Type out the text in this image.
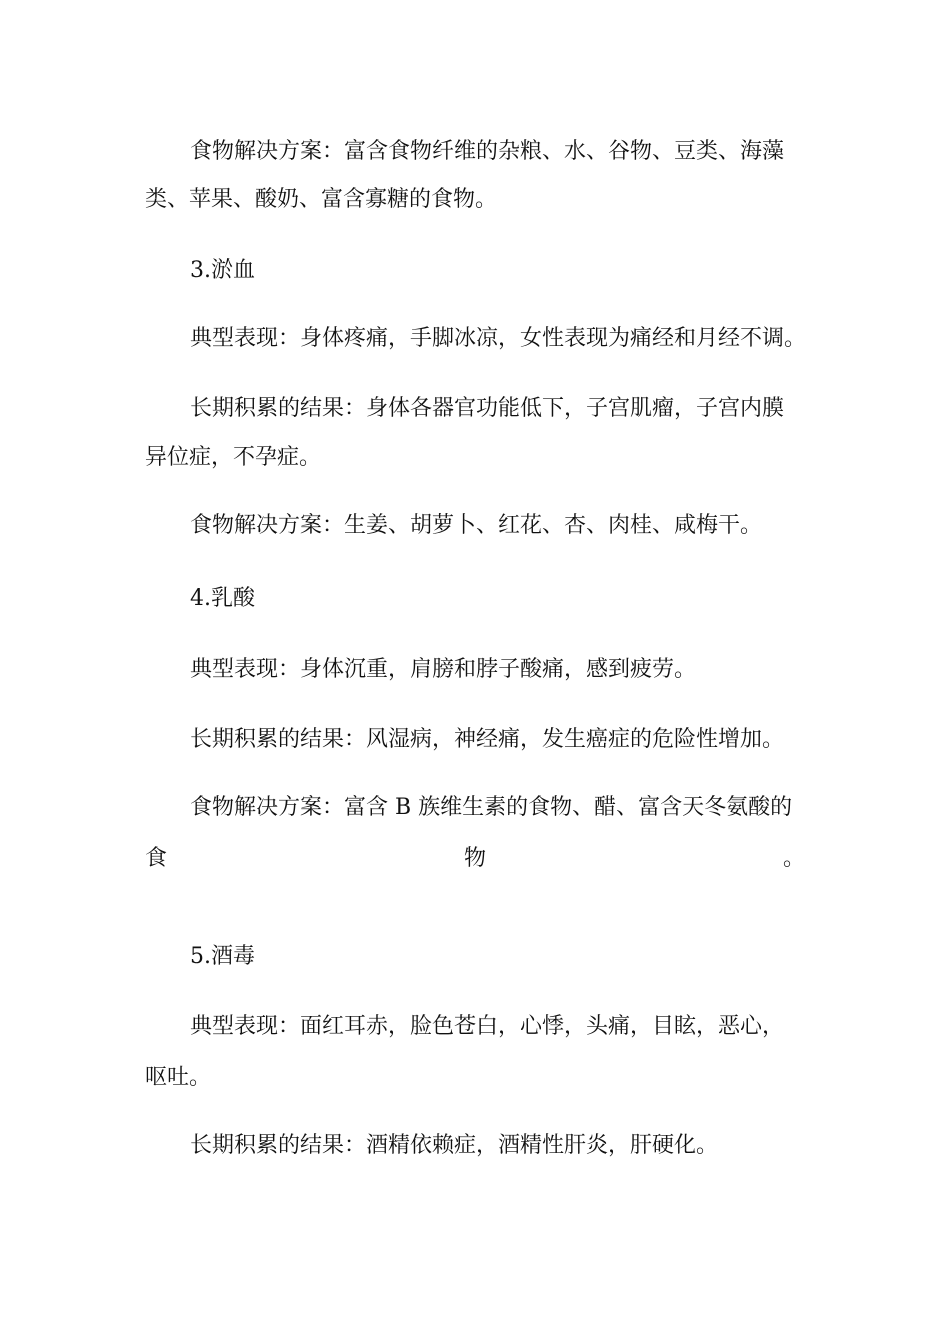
食物解决方案：富含食物纤维的杂粮、水、谷物、豆类、海藻

类、苹果、酸奶、富含寡糖的食物。

3.淤血

典型表现：身体疼痛，手脚冰凉，女性表现为痛经和月经不调。

长期积累的结果：身体各器官功能低下，子宫肌瘤，子宫内膜

异位症，不孕症。

食物解决方案：生姜、胡萝卜、红花、杏、肉桂、咸梅干。

4.乳酸

典型表现：身体沉重，肩膀和脖子酸痛，感到疲劳。

长期积累的结果：风湿病，神经痛，发生癌症的危险性增加。

食物解决方案：富含 B 族维生素的食物、醋、富含天冬氨酸的

食	物	。

5.酒毒

典型表现：面红耳赤，脸色苍白，心悸，头痛，目眩，恶心，

呕吐。

长期积累的结果：酒精依赖症，酒精性肝炎，肝硬化。
